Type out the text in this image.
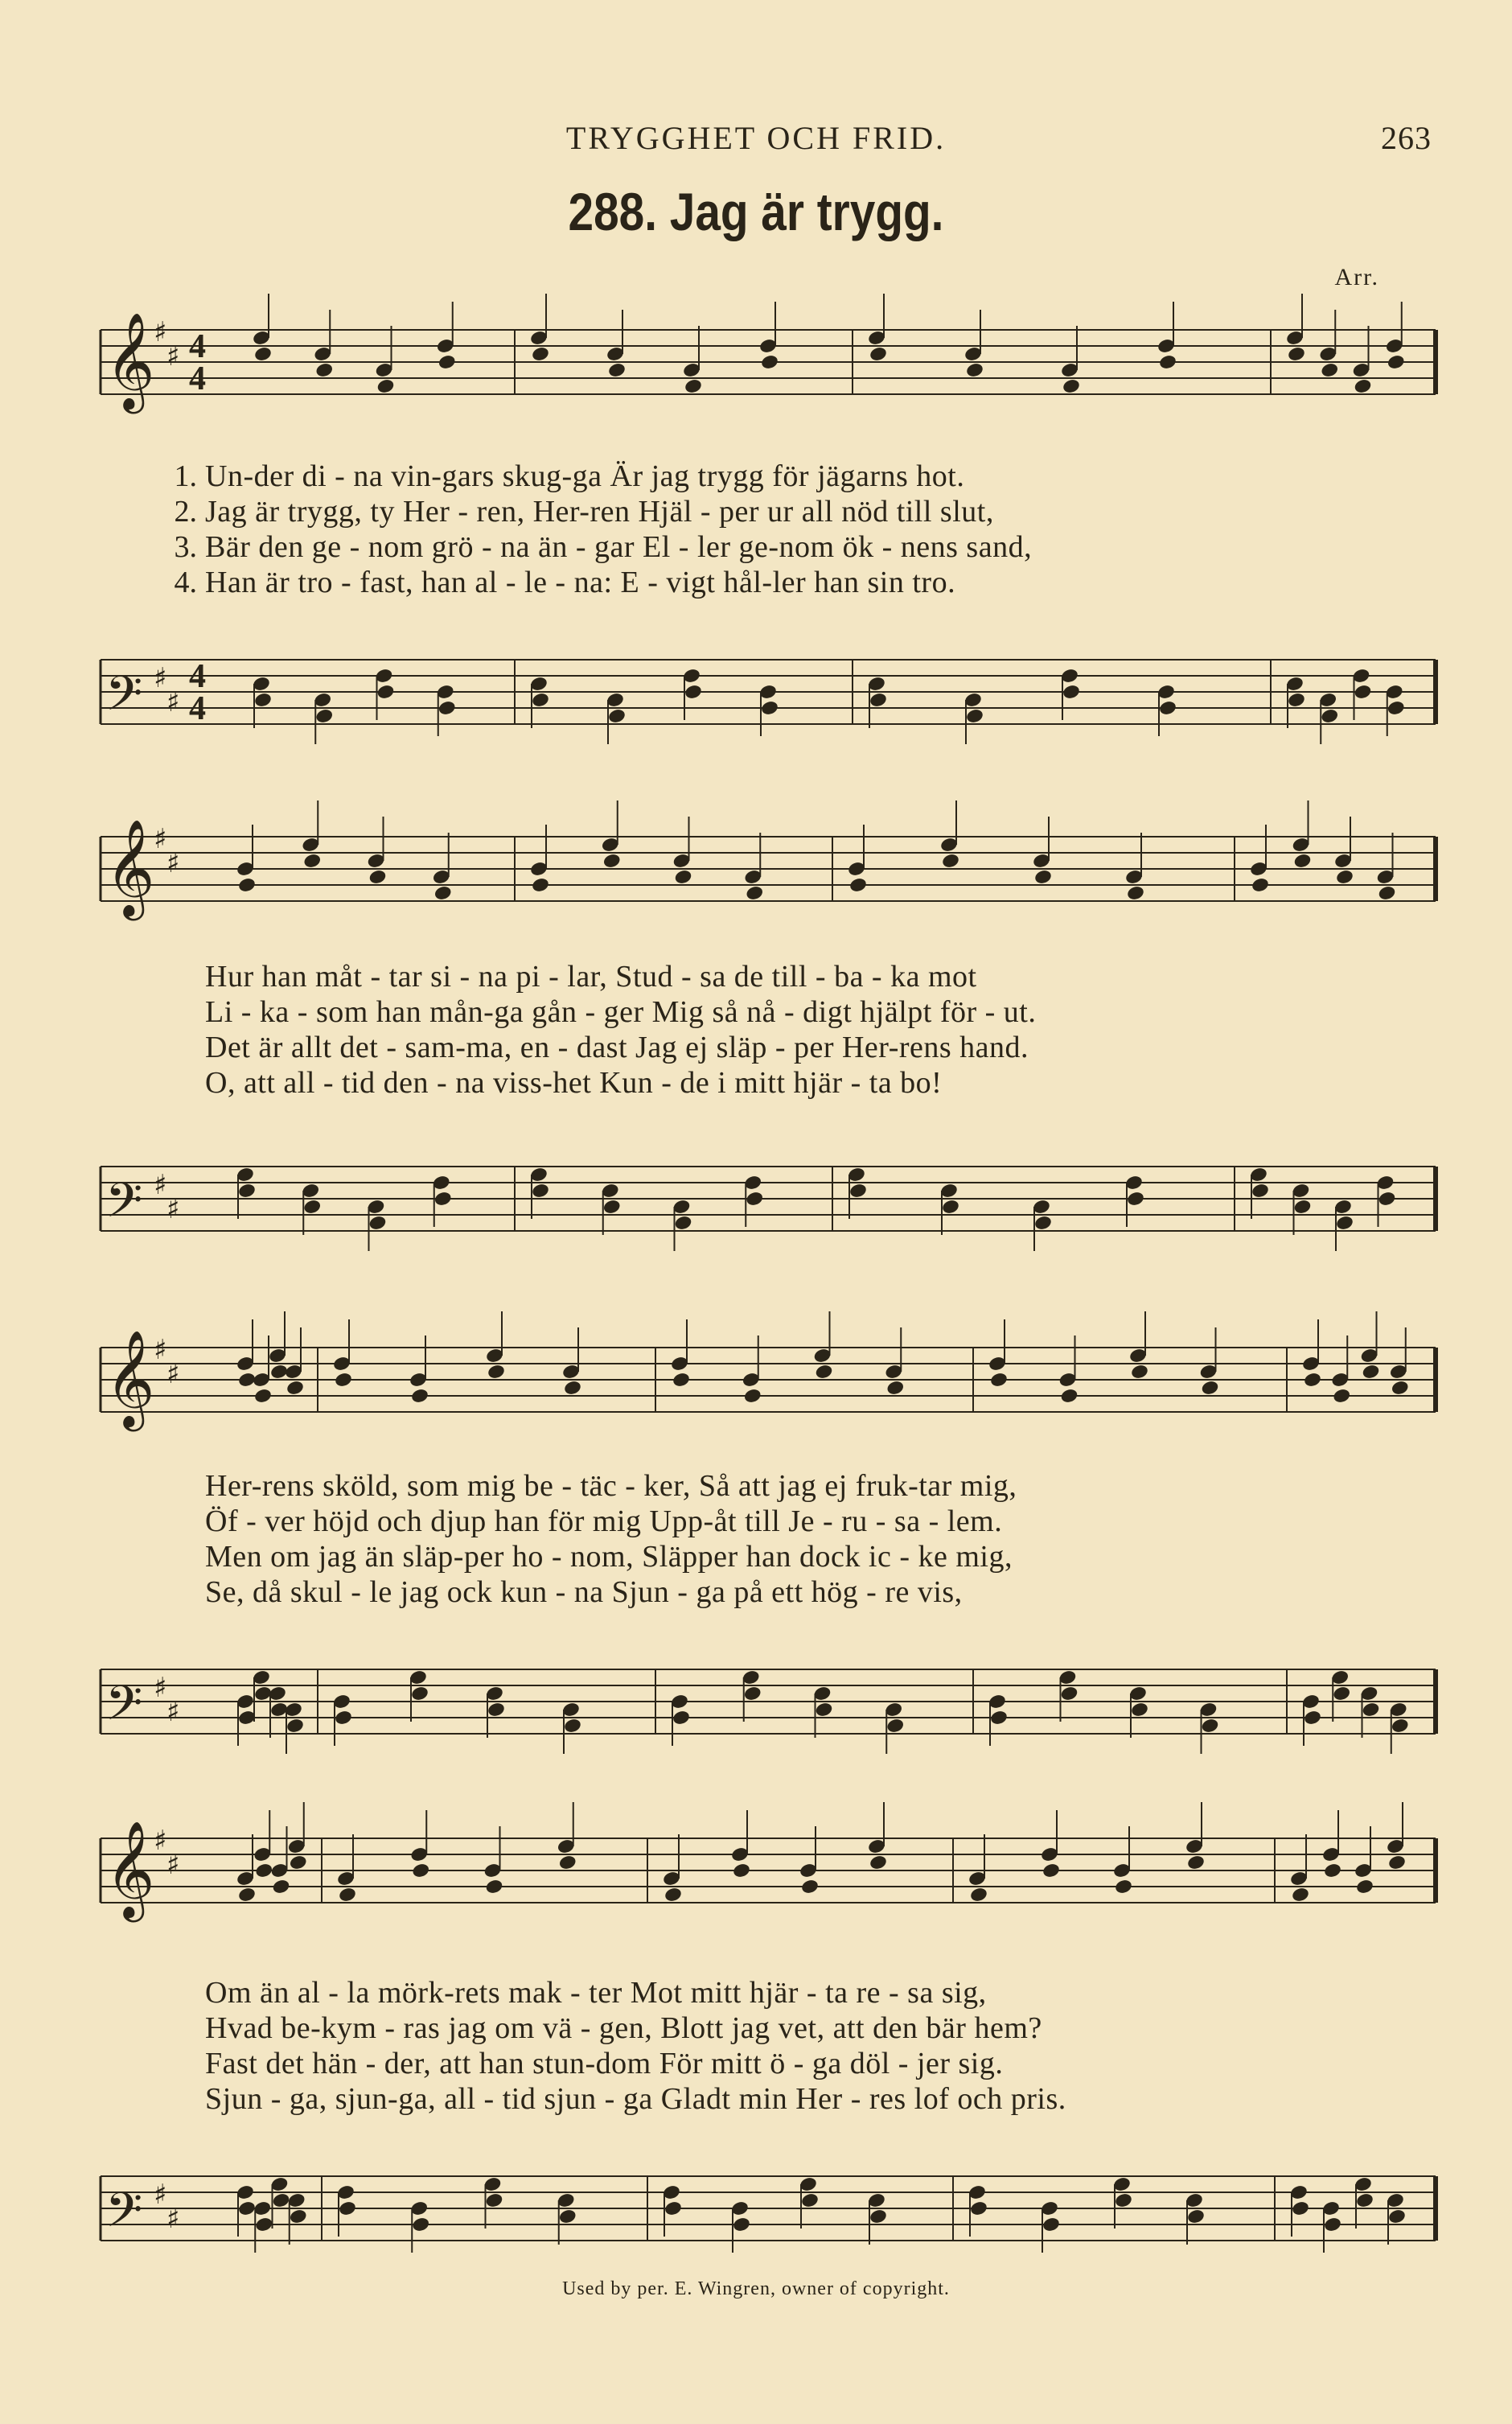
TRYGGHET OCH FRID.	263
288. Jag är trygg.
Arr.
𝄞
♯
♯ 4
4
1. Un-der di - na vin-gars skug-ga Är jag trygg för jägarns hot.
2. Jag är trygg, ty Her - ren, Her-ren Hjäl - per ur all nöd till slut,
3. Bär den ge - nom grö - na än - gar El - ler ge-nom ök - nens sand,
4. Han är tro - fast, han al - le - na: E - vigt hål-ler han sin tro.
𝄢 ♯
♯
4
4
𝄞
♯
♯
Hur han måt - tar si - na pi - lar, Stud - sa de till - ba - ka mot
Li - ka - som han mån-ga gån - ger Mig så nå - digt hjälpt för - ut.
Det är allt det - sam-ma, en - dast Jag ej släp - per Her-rens hand.
O, att all - tid den - na viss-het Kun - de i mitt hjär - ta bo!
𝄢 ♯
♯
𝄞
♯
♯
Her-rens sköld, som mig be - täc - ker, Så att jag ej fruk-tar mig,
Öf - ver höjd och djup han för mig Upp-åt till Je - ru - sa - lem.
Men om jag än släp-per ho - nom, Släpper han dock ic - ke mig,
Se, då skul - le jag ock kun - na Sjun - ga på ett hög - re vis,
𝄢 ♯
♯
𝄞
♯
♯
Om än al - la mörk-rets mak - ter Mot mitt hjär - ta re - sa sig,
Hvad be-kym - ras jag om vä - gen, Blott jag vet, att den bär hem?
Fast det hän - der, att han stun-dom För mitt ö - ga döl - jer sig.
Sjun - ga, sjun-ga, all - tid sjun - ga Gladt min Her - res lof och pris.
𝄢 ♯
♯
Used by per. E. Wingren, owner of copyright.
